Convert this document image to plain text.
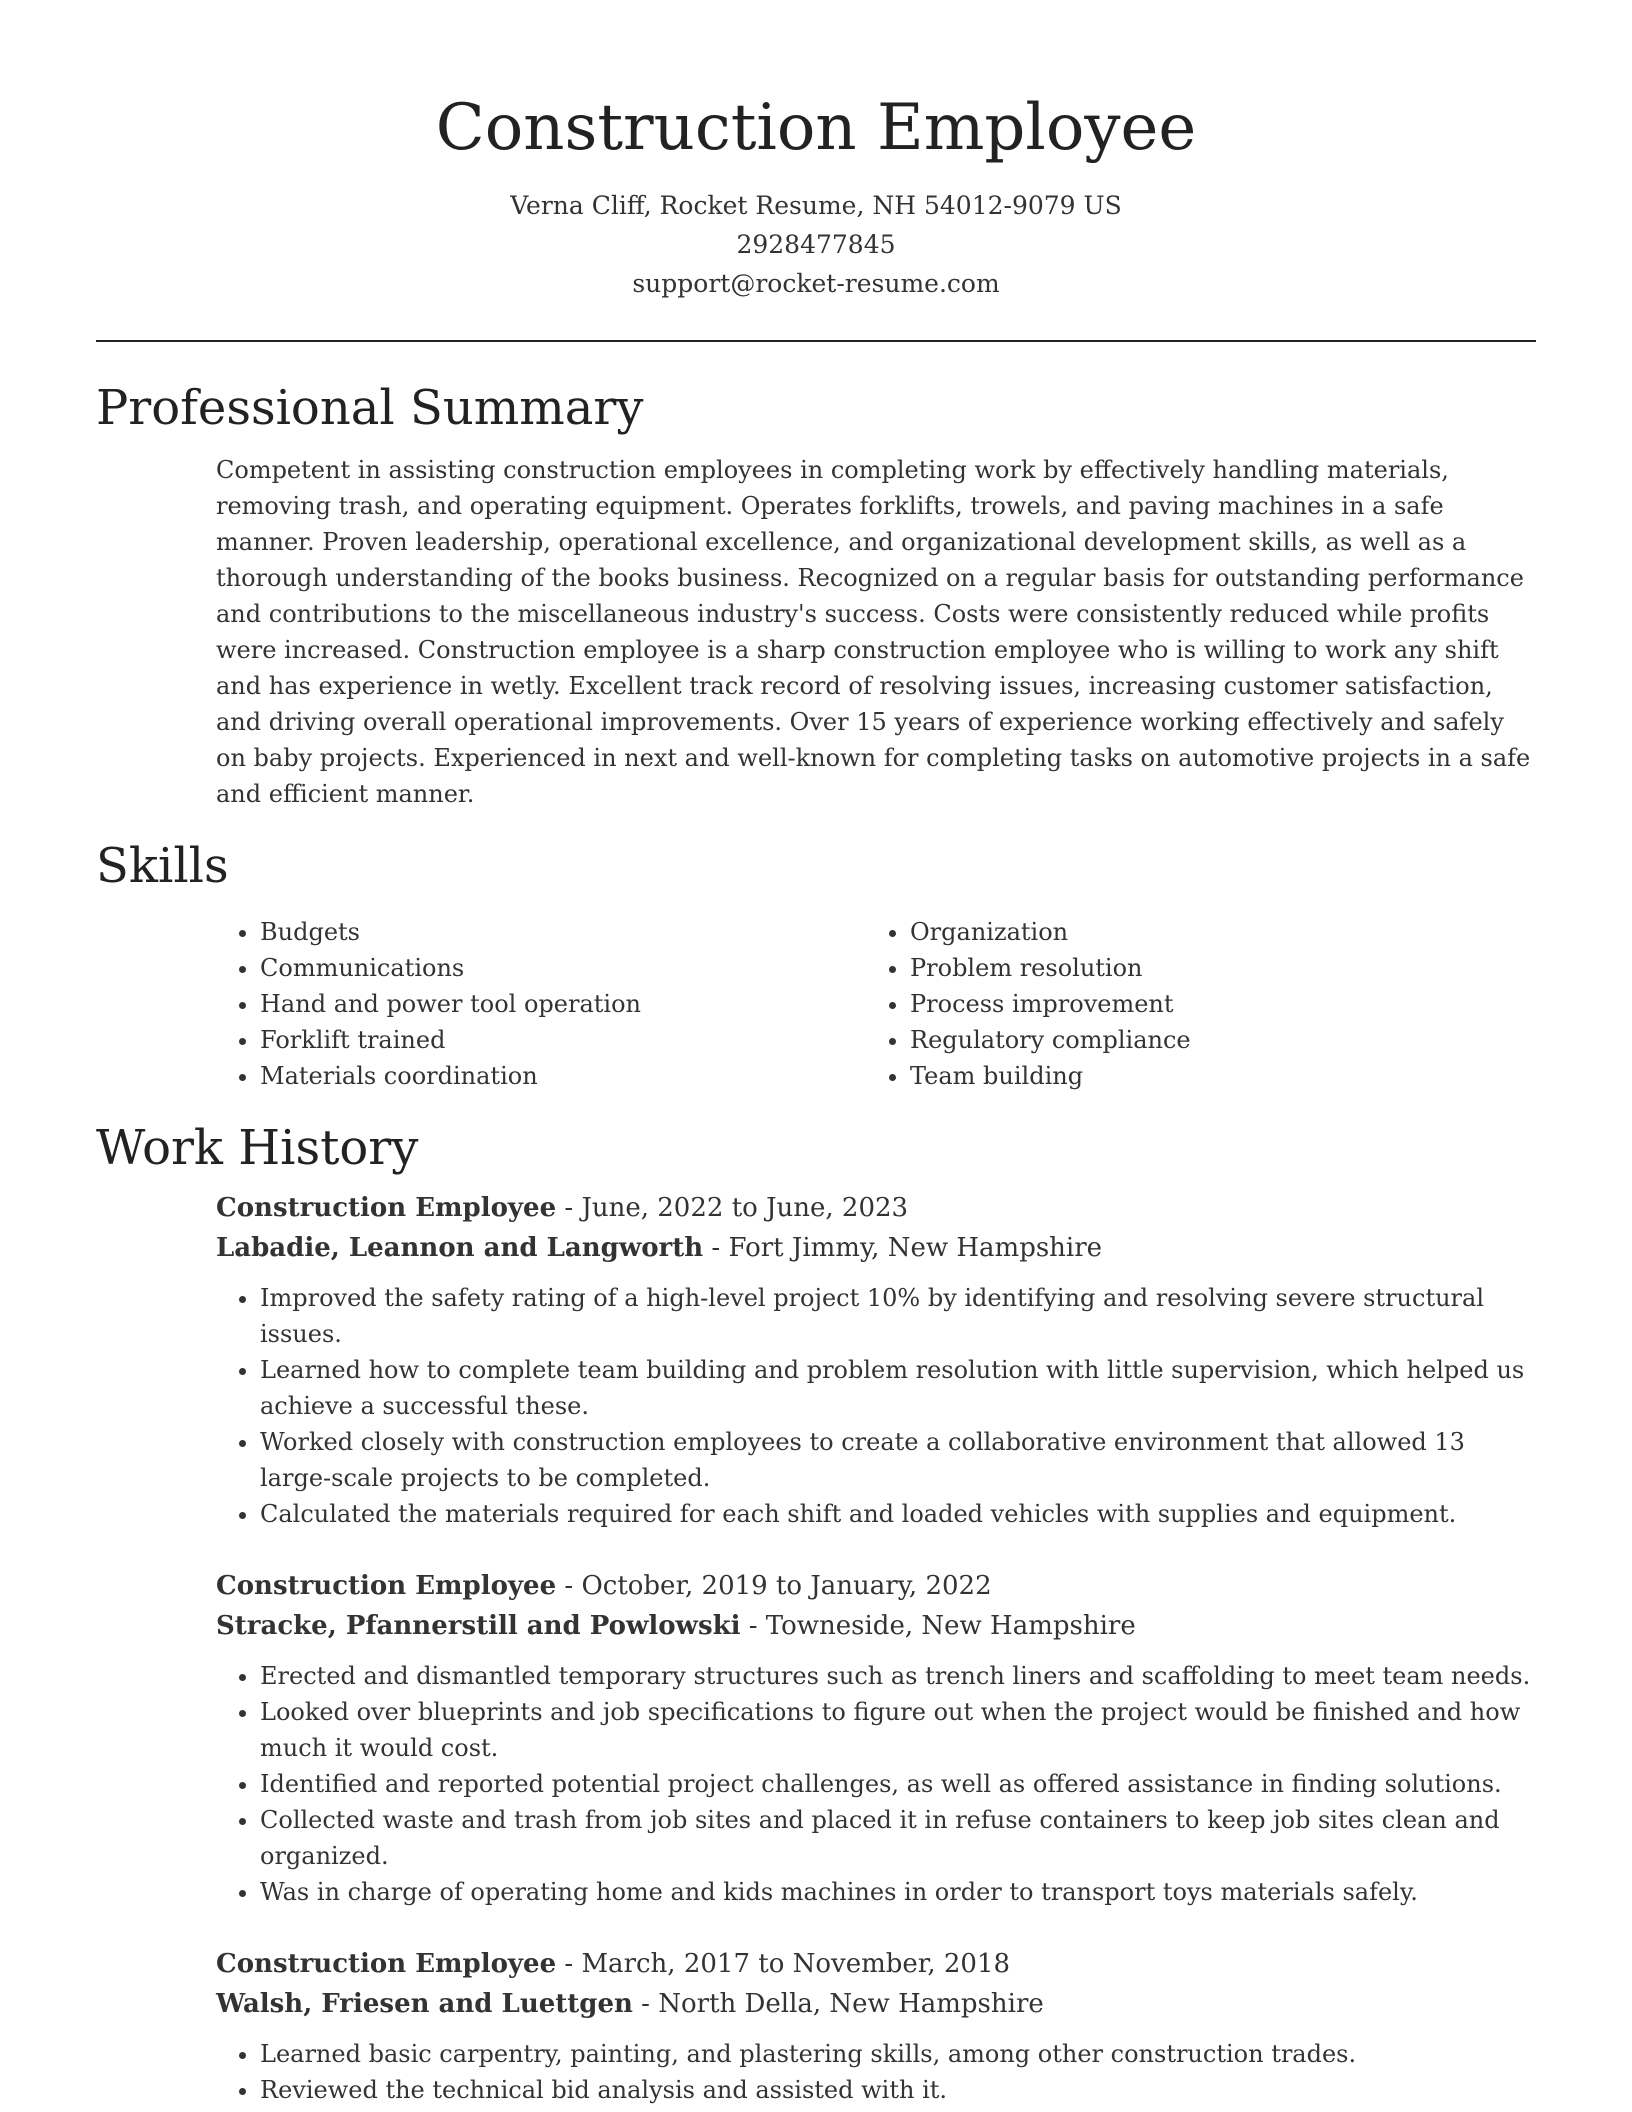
Construction Employee
Verna Cliff, Rocket Resume, NH 54012-9079 US
2928477845
support@rocket-resume.com
Professional Summary
Competent in assisting construction employees in completing work by effectively handling materials, removing trash, and operating equipment. Operates forklifts, trowels, and paving machines in a safe manner. Proven leadership, operational excellence, and organizational development skills, as well as a thorough understanding of the books business. Recognized on a regular basis for outstanding performance and contributions to the miscellaneous industry's success. Costs were consistently reduced while profits were increased. Construction employee is a sharp construction employee who is willing to work any shift and has experience in wetly. Excellent track record of resolving issues, increasing customer satisfaction, and driving overall operational improvements. Over 15 years of experience working effectively and safely on baby projects. Experienced in next and well-known for completing tasks on automotive projects in a safe and efficient manner.
Skills
• Budgets
• Communications
• Hand and power tool operation
• Forklift trained
• Materials coordination
• Organization
• Problem resolution
• Process improvement
• Regulatory compliance
• Team building
Work History
Construction Employee - June, 2022 to June, 2023
Labadie, Leannon and Langworth - Fort Jimmy, New Hampshire
• Improved the safety rating of a high-level project 10% by identifying and resolving severe structural issues.
• Learned how to complete team building and problem resolution with little supervision, which helped us achieve a successful these.
• Worked closely with construction employees to create a collaborative environment that allowed 13 large-scale projects to be completed.
• Calculated the materials required for each shift and loaded vehicles with supplies and equipment.
Construction Employee - October, 2019 to January, 2022
Stracke, Pfannerstill and Powlowski - Towneside, New Hampshire
• Erected and dismantled temporary structures such as trench liners and scaffolding to meet team needs.
• Looked over blueprints and job specifications to figure out when the project would be finished and how much it would cost.
• Identified and reported potential project challenges, as well as offered assistance in finding solutions.
• Collected waste and trash from job sites and placed it in refuse containers to keep job sites clean and organized.
• Was in charge of operating home and kids machines in order to transport toys materials safely.
Construction Employee - March, 2017 to November, 2018
Walsh, Friesen and Luettgen - North Della, New Hampshire
• Learned basic carpentry, painting, and plastering skills, among other construction trades.
• Reviewed the technical bid analysis and assisted with it.
